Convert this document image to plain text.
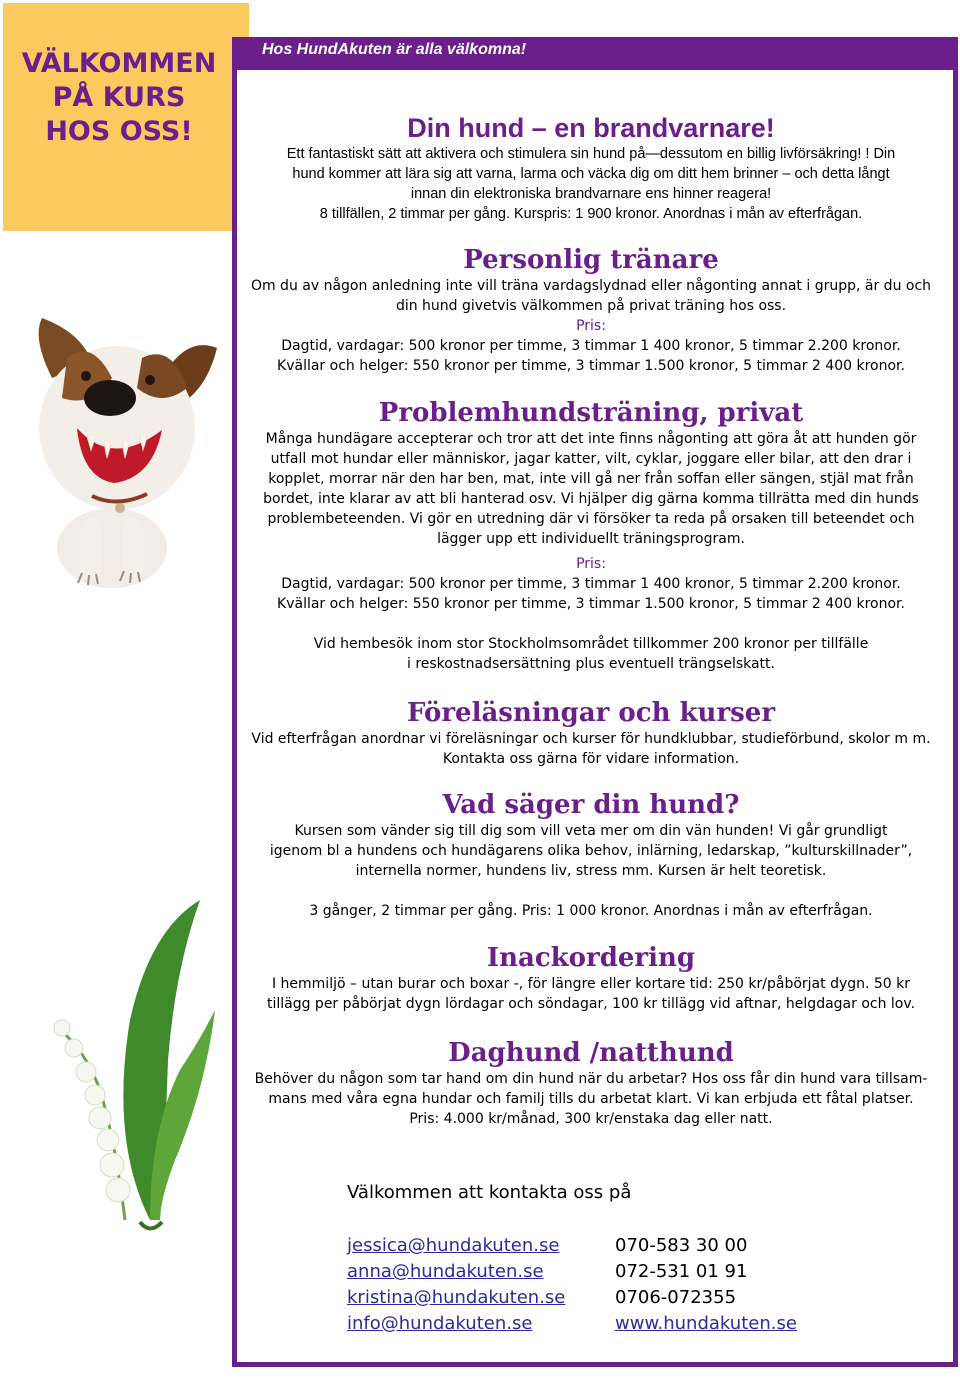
VÄLKOMMEN
PÅ KURS
HOS OSS!
Hos HundAkuten är alla välkomna!
Din hund – en brandvarnare!

Ett fantastiskt sätt att aktivera och stimulera sin hund på—dessutom en billig livförsäkring! ! Din

hund kommer att lära sig att varna, larma och väcka dig om ditt hem brinner – och detta långt

innan din elektroniska brandvarnare ens hinner reagera!

8 tillfällen, 2 timmar per gång. Kurspris: 1 900 kronor. Anordnas i mån av efterfrågan.

Personlig tränare

Om du av någon anledning inte vill träna vardagslydnad eller någonting annat i grupp, är du och

din hund givetvis välkommen på privat träning hos oss.

Pris:

Dagtid, vardagar: 500 kronor per timme, 3 timmar 1 400 kronor, 5 timmar 2.200 kronor.

Kvällar och helger: 550 kronor per timme, 3 timmar 1.500 kronor, 5 timmar 2 400 kronor.

Problemhundsträning, privat

Många hundägare accepterar och tror att det inte finns någonting att göra åt att hunden gör

utfall mot hundar eller människor, jagar katter, vilt, cyklar, joggare eller bilar, att den drar i

kopplet, morrar när den har ben, mat, inte vill gå ner från soffan eller sängen, stjäl mat från

bordet, inte klarar av att bli hanterad osv. Vi hjälper dig gärna komma tillrätta med din hunds

problembeteenden. Vi gör en utredning där vi försöker ta reda på orsaken till beteendet och

lägger upp ett individuellt träningsprogram.

Pris:

Dagtid, vardagar: 500 kronor per timme, 3 timmar 1 400 kronor, 5 timmar 2.200 kronor.

Kvällar och helger: 550 kronor per timme, 3 timmar 1.500 kronor, 5 timmar 2 400 kronor.

Vid hembesök inom stor Stockholmsområdet tillkommer 200 kronor per tillfälle

i reskostnadsersättning plus eventuell trängselskatt.

Föreläsningar och kurser

Vid efterfrågan anordnar vi föreläsningar och kurser för hundklubbar, studieförbund, skolor m m.

Kontakta oss gärna för vidare information.

Vad säger din hund?

Kursen som vänder sig till dig som vill veta mer om din vän hunden! Vi går grundligt

igenom bl a hundens och hundägarens olika behov, inlärning, ledarskap, ”kulturskillnader”,

internella normer, hundens liv, stress mm. Kursen är helt teoretisk.

3 gånger, 2 timmar per gång. Pris: 1 000 kronor. Anordnas i mån av efterfrågan.

Inackordering

I hemmiljö – utan burar och boxar -, för längre eller kortare tid: 250 kr/påbörjat dygn. 50 kr

tillägg per påbörjat dygn lördagar och söndagar, 100 kr tillägg vid aftnar, helgdagar och lov.

Daghund /natthund

Behöver du någon som tar hand om din hund när du arbetar? Hos oss får din hund vara tillsam-

mans med våra egna hundar och familj tills du arbetat klart. Vi kan erbjuda ett fåtal platser.

Pris: 4.000 kr/månad, 300 kr/enstaka dag eller natt.

Välkommen att kontakta oss på
jessica@hundakuten.se	070-583 30 00
anna@hundakuten.se	072-531 01 91
kristina@hundakuten.se	0706-072355
info@hundakuten.se	www.hundakuten.se
